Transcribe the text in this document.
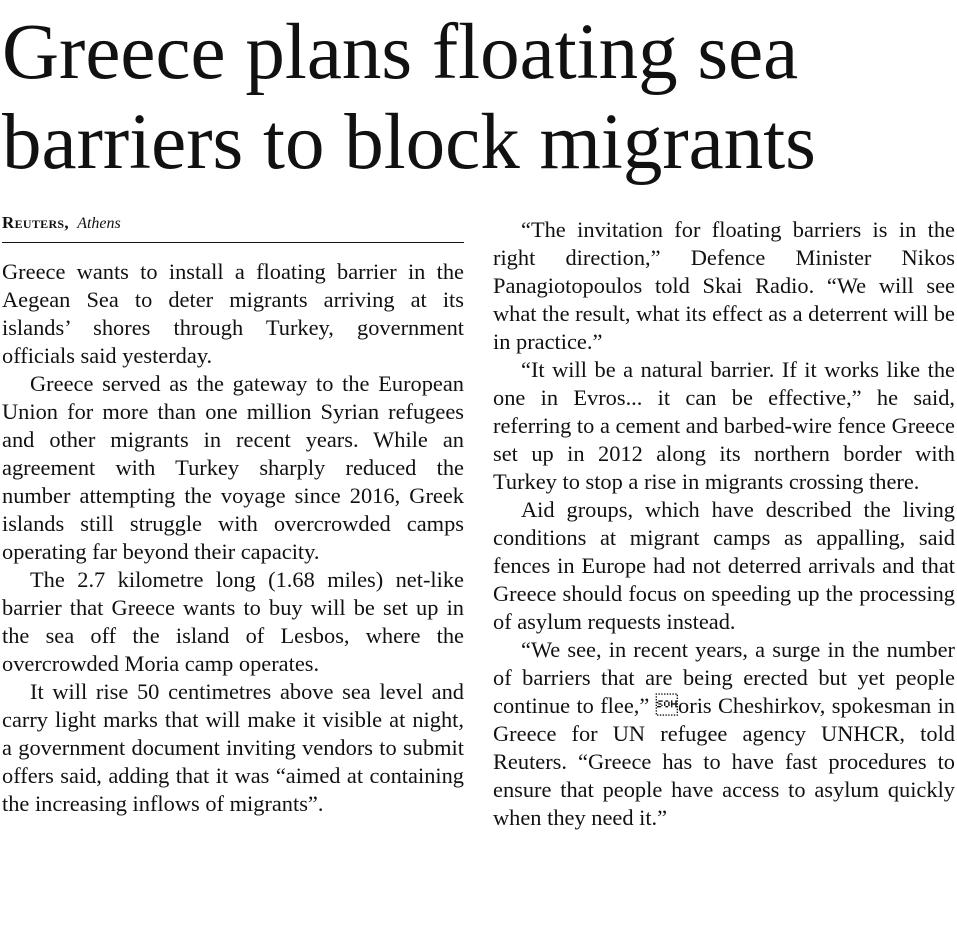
Greece plans floating sea barriers to block migrants
Reuters, Athens

Greece wants to install a floating barrier in the Aegean Sea to deter migrants arriving at its islands’ shores through Turkey, government officials said yesterday.

Greece served as the gateway to the European Union for more than one million Syrian refugees and other migrants in recent years. While an agreement with Turkey sharply reduced the number attempting the voyage since 2016, Greek islands still struggle with overcrowded camps operating far beyond their capacity.

The 2.7 kilometre long (1.68 miles) net-like barrier that Greece wants to buy will be set up in the sea off the island of Lesbos, where the overcrowded Moria camp operates.

It will rise 50 centimetres above sea level and carry light marks that will make it visible at night, a government document inviting vendors to submit offers said, adding that it was “aimed at containing the increasing inflows of migrants”.

“The invitation for floating barriers is in the right direction,” Defence Minister Nikos Panagiotopoulos told Skai Radio. “We will see what the result, what its effect as a deterrent will be in practice.”

“It will be a natural barrier. If it works like the one in Evros... it can be effective,” he said, referring to a cement and barbed-wire fence Greece set up in 2012 along its northern border with Turkey to stop a rise in migrants crossing there.

Aid groups, which have described the living conditions at migrant camps as appalling, said fences in Europe had not deterred arrivals and that Greece should focus on speeding up the processing of asylum requests instead.

“We see, in recent years, a surge in the number of barriers that are being erected but yet people continue to flee,” oris Cheshirkov, spokesman in Greece for UN refugee agency UNHCR, told Reuters. “Greece has to have fast procedures to ensure that people have access to asylum quickly when they need it.”
